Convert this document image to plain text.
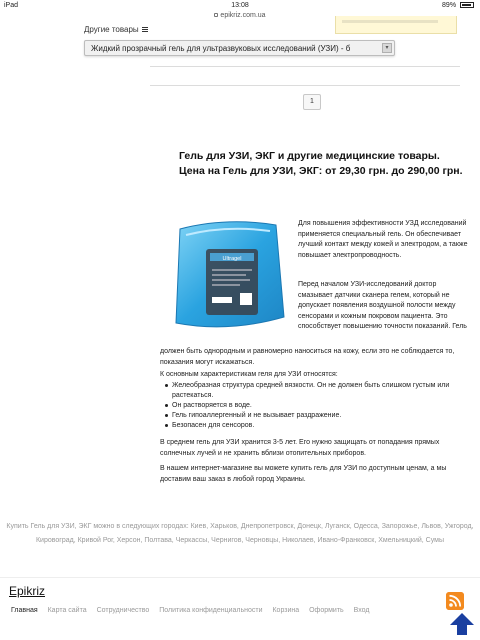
iPad	13:08	89%
epikriz.com.ua
Другие товары
Жидкий прозрачный гель для ультразвуковых исследований (УЗИ) - б	▾
1
Гель для УЗИ, ЭКГ и другие медицинские товары. Цена на Гель для УЗИ, ЭКГ: от 29,30 грн. до 290,00 грн.
Ultragel
Для повышения эффективности УЗД исследований применяется специальный гель. Он обеспечивает лучший контакт между кожей и электродом, а также повышает электропроводность.
Перед началом УЗИ-исследований доктор смазывает датчики сканера гелем, который не допускает появления воздушной полости между сенсорами и кожным покровом пациента. Это способствует повышению точности показаний. Гель
должен быть однородным и равномерно наноситься на кожу, если это не соблюдается то, показания могут искажаться.
К основным характеристикам геля для УЗИ относятся:
Желеобразная структура средней вязкости. Он не должен быть слишком густым или растекаться.
Он растворяется в воде.
Гель гипоаллергенный и не вызывает раздражение.
Безопасен для сенсоров.
В среднем гель для УЗИ хранится 3-5 лет. Его нужно защищать от попадания прямых солнечных лучей и не хранить вблизи отопительных приборов.
В нашем интернет-магазине вы можете купить гель для УЗИ по доступным ценам, а мы доставим ваш заказ в любой город Украины.
Купить Гель для УЗИ, ЭКГ можно в следующих городах: Киев, Харьков, Днепропетровск, Донецк, Луганск, Одесса, Запорожье, Львов, Ужгород, Кировоград, Кривой Рог, Херсон, Полтава, Черкассы, Чернигов, Черновцы, Николаев, Ивано-Франковск, Хмельницкий, Сумы
Epikriz
Главная Карта сайта Сотрудничество Политика конфиденциальности Корзина Оформить Вход
